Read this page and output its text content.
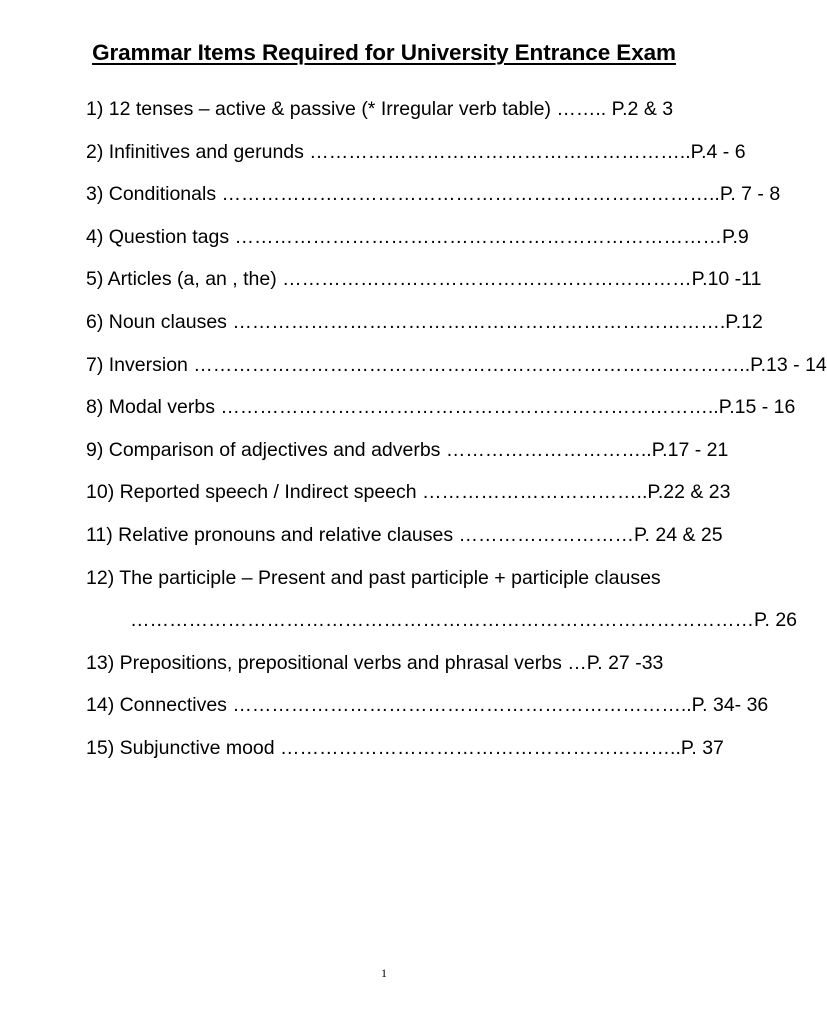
Grammar Items Required for University Entrance Exam
1) 12 tenses – active & passive (* Irregular verb table) …….. P.2 & 3
2) Infinitives and gerunds …………………………………………………..P.4 - 6
3) Conditionals …………………………………………………………………..P. 7 - 8
4) Question tags …………………………………………………………………P.9
5) Articles (a, an , the) ………………………………………………………P.10 -11
6) Noun clauses ………………………………………………………………….P.12
7) Inversion …………………………………………………………………………..P.13 - 14
8) Modal verbs …………………………………………………………………..P.15 - 16
9) Comparison of adjectives and adverbs …………………………..P.17 - 21
10) Reported speech / Indirect speech ……………………………..P.22 & 23
11) Relative pronouns and relative clauses ………………………P. 24 & 25
12) The participle – Present and past participle + participle clauses
……………………………………………………………………………………P. 26
13) Prepositions, prepositional verbs and phrasal verbs …P. 27 -33
14) Connectives ……………………………………………………………..P. 34- 36
15) Subjunctive mood ……………………………………………………..P. 37
1
